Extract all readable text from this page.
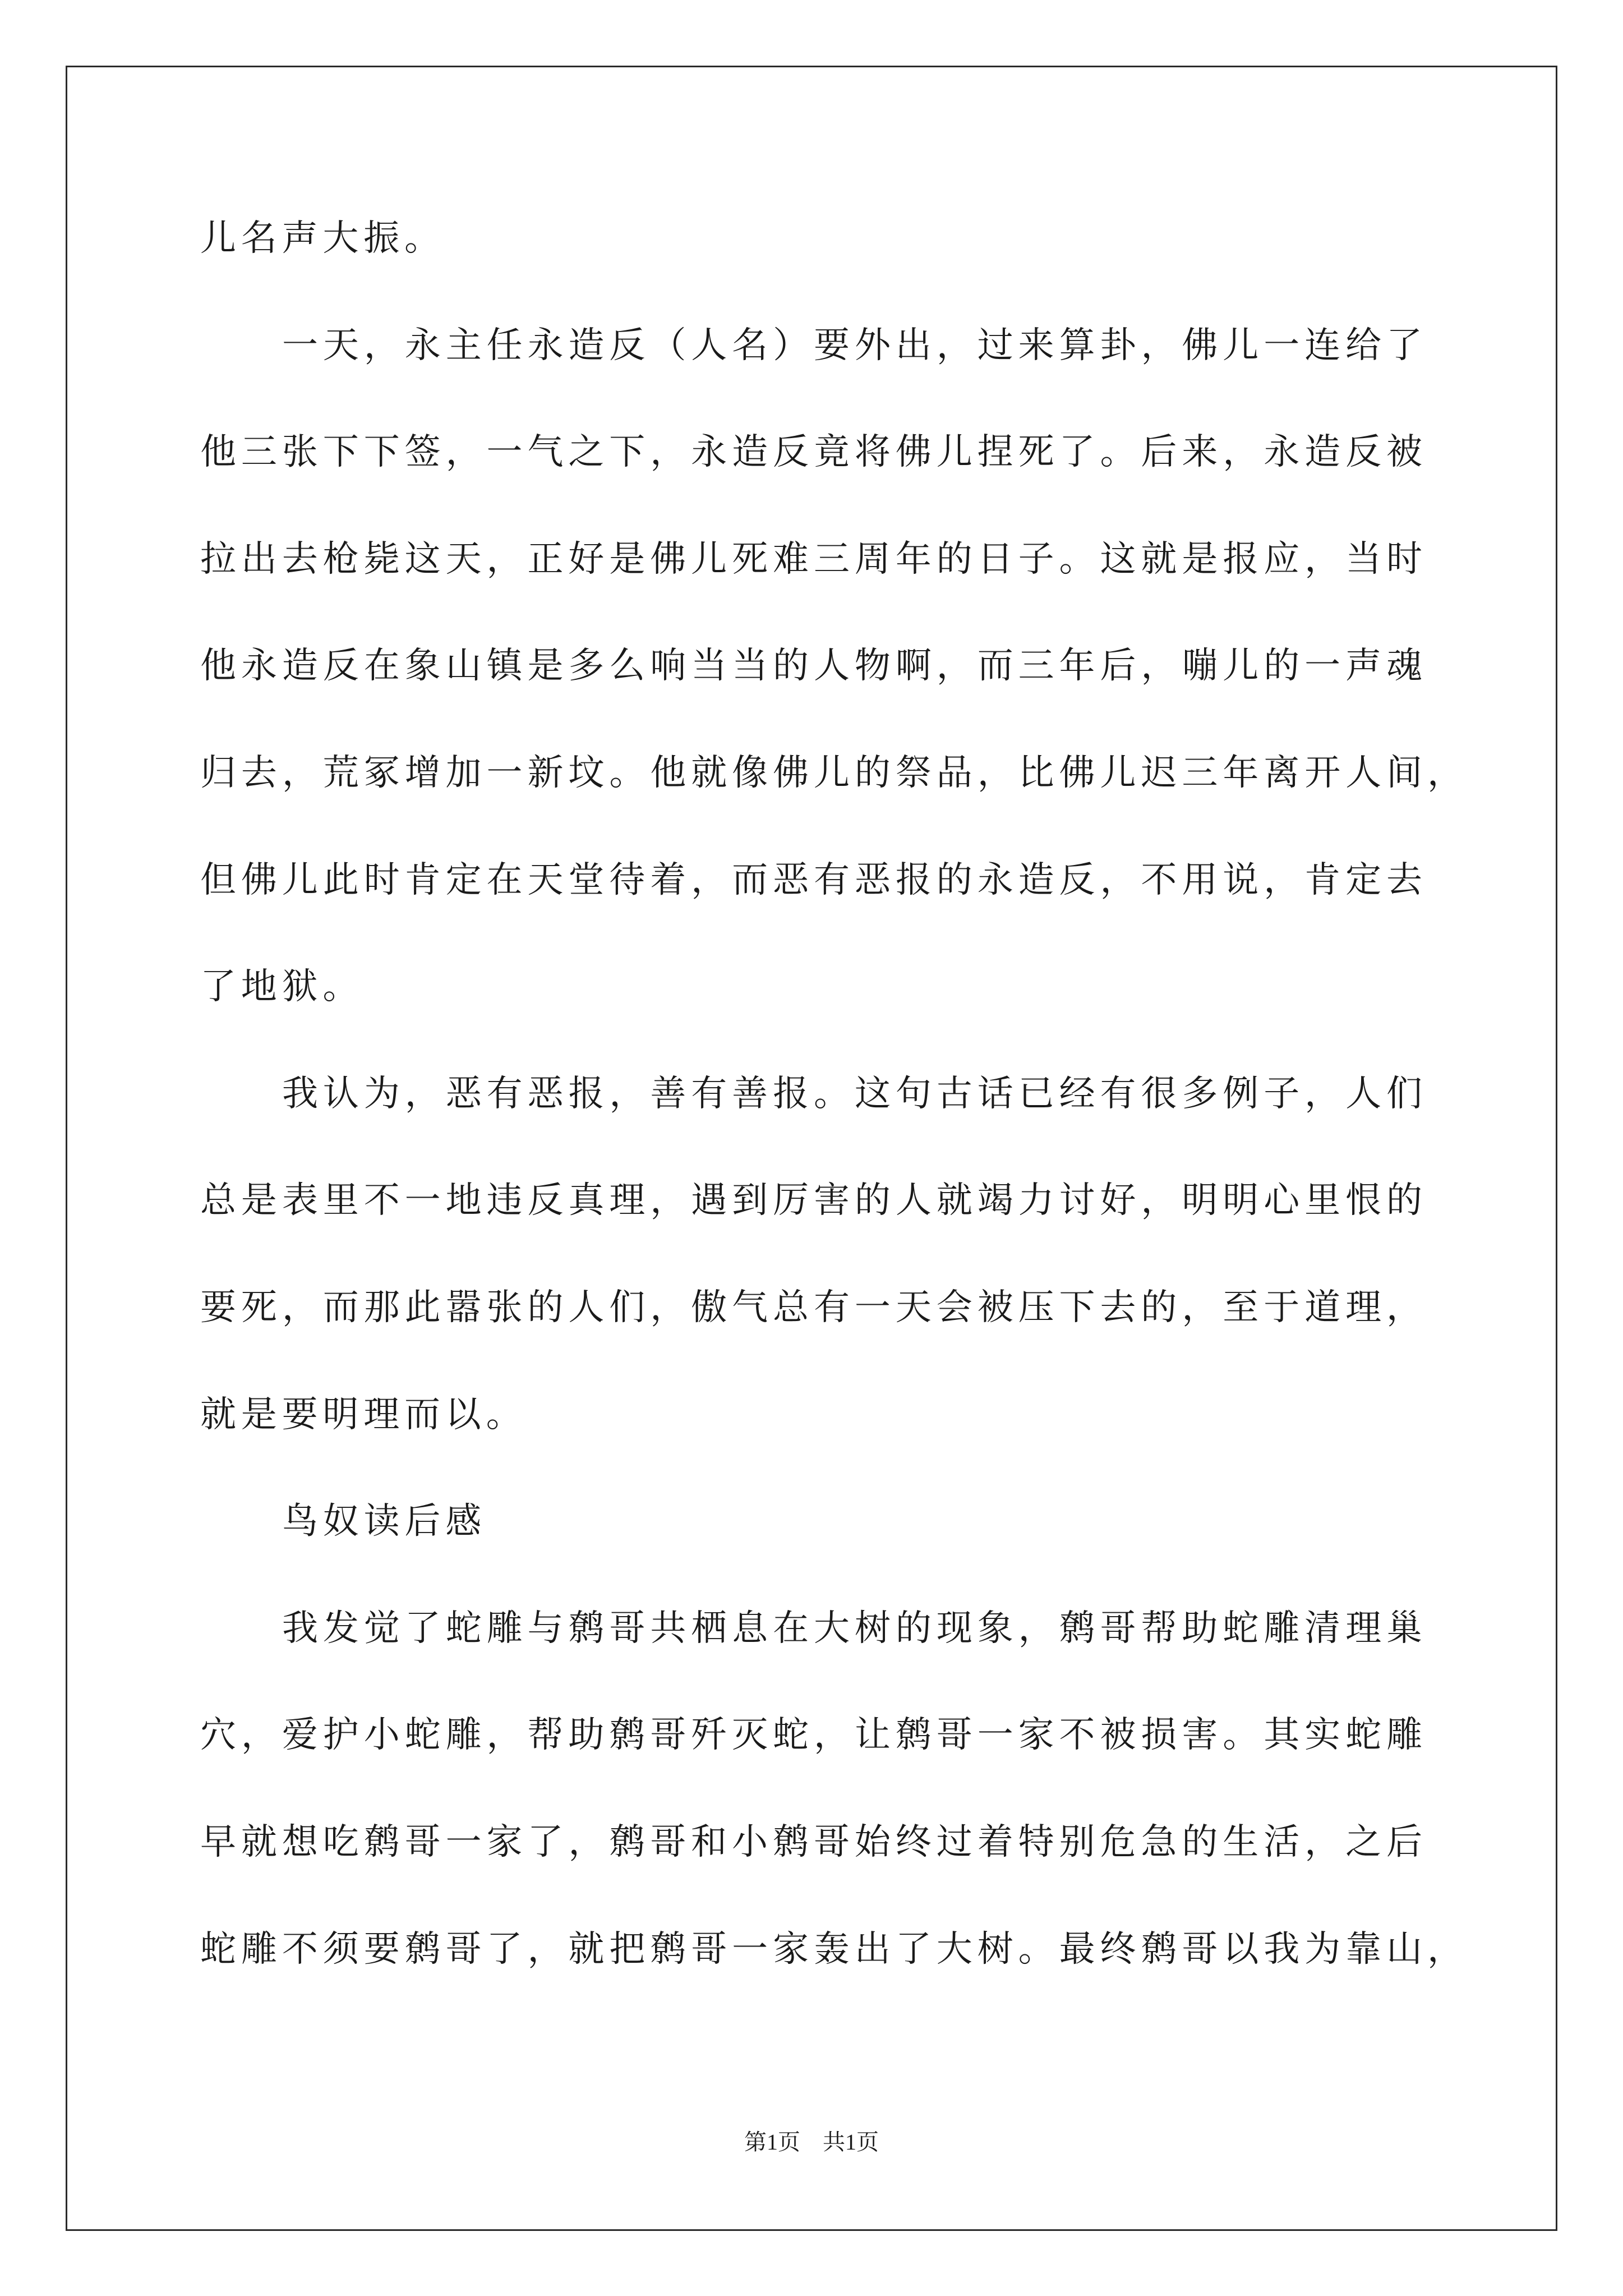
儿名声大振。
一天，永主任永造反（人名）要外出，过来算卦，佛儿一连给了
他三张下下签，一气之下，永造反竟将佛儿捏死了。后来，永造反被
拉出去枪毙这天，正好是佛儿死难三周年的日子。这就是报应，当时
他永造反在象山镇是多么响当当的人物啊，而三年后，嘣儿的一声魂
归去，荒冢增加一新坟。他就像佛儿的祭品，比佛儿迟三年离开人间，
但佛儿此时肯定在天堂待着，而恶有恶报的永造反，不用说，肯定去
了地狱。
我认为，恶有恶报，善有善报。这句古话已经有很多例子，人们
总是表里不一地违反真理，遇到厉害的人就竭力讨好，明明心里恨的
要死，而那此嚣张的人们，傲气总有一天会被压下去的，至于道理，
就是要明理而以。
鸟奴读后感
我发觉了蛇雕与鹩哥共栖息在大树的现象，鹩哥帮助蛇雕清理巢
穴，爱护小蛇雕，帮助鹩哥歼灭蛇，让鹩哥一家不被损害。其实蛇雕
早就想吃鹩哥一家了，鹩哥和小鹩哥始终过着特别危急的生活，之后
蛇雕不须要鹩哥了，就把鹩哥一家轰出了大树。最终鹩哥以我为靠山，
第1页　共1页
